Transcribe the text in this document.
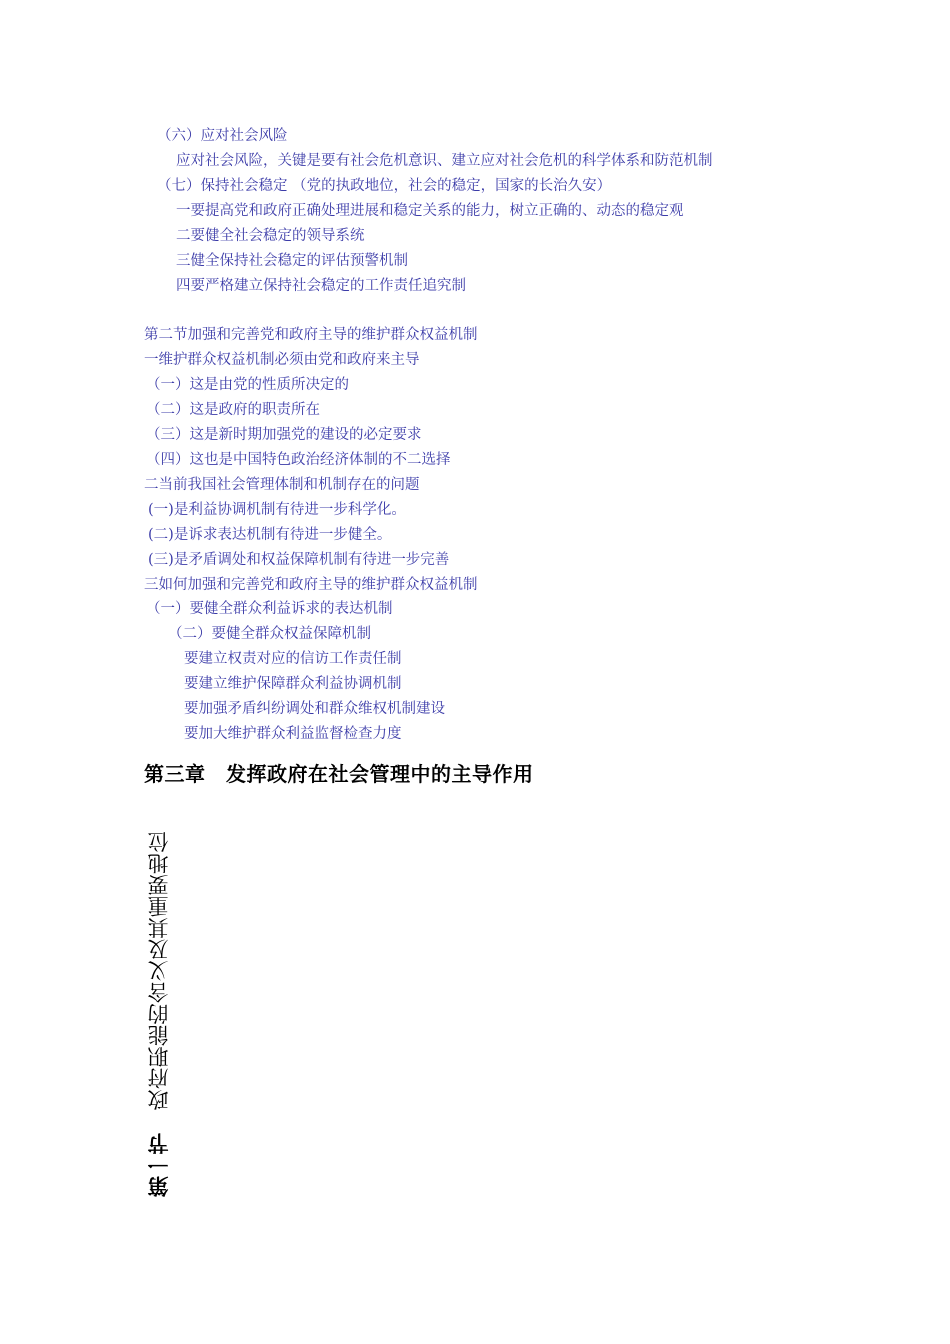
（六）应对社会风险
应对社会风险，关键是要有社会危机意识、建立应对社会危机的科学体系和防范机制
（七）保持社会稳定 （党的执政地位，社会的稳定，国家的长治久安）
一要提高党和政府正确处理进展和稳定关系的能力，树立正确的、动态的稳定观
二要健全社会稳定的领导系统
三健全保持社会稳定的评估预警机制
四要严格建立保持社会稳定的工作责任追究制
第二节加强和完善党和政府主导的维护群众权益机制
一维护群众权益机制必须由党和政府来主导
（一）这是由党的性质所决定的
（二）这是政府的职责所在
（三）这是新时期加强党的建设的必定要求
（四）这也是中国特色政治经济体制的不二选择
二当前我国社会管理体制和机制存在的问题
(一)是利益协调机制有待进一步科学化。
(二)是诉求表达机制有待进一步健全。
(三)是矛盾调处和权益保障机制有待进一步完善
三如何加强和完善党和政府主导的维护群众权益机制
（一）要健全群众利益诉求的表达机制
（二）要健全群众权益保障机制
要建立权责对应的信访工作责任制
要建立维护保障群众利益协调机制
要加强矛盾纠纷调处和群众维权机制建设
要加大维护群众利益监督检查力度
第三章　发挥政府在社会管理中的主导作用
第一节政府职能的含义及其重要地位
